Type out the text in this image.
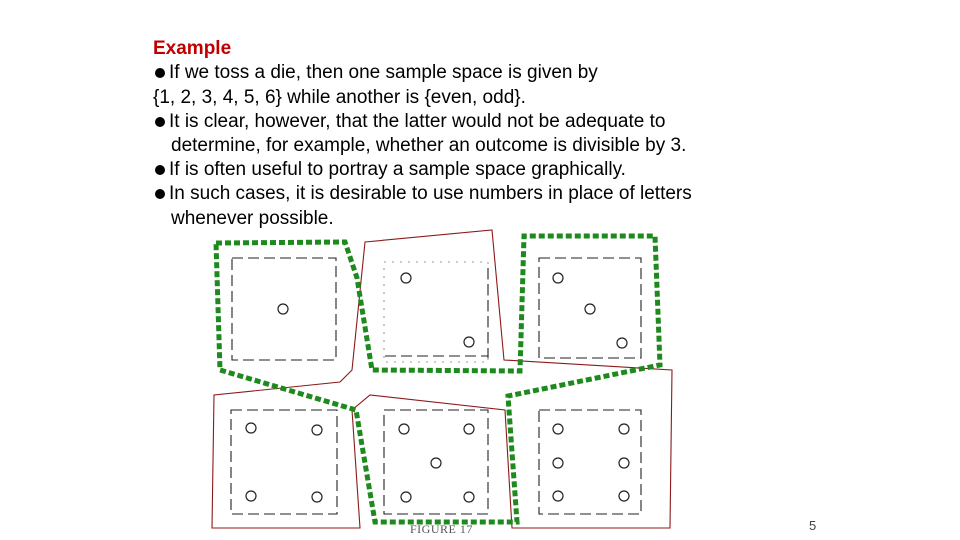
Example
If we toss a die, then one sample space is given by
{1, 2, 3, 4, 5, 6} while another is {even, odd}.
It is clear, however, that the latter would not be adequate to
determine, for example, whether an outcome is divisible by 3.
If is often useful to portray a sample space graphically.
In such cases, it is desirable to use numbers in place of letters
whenever possible.
FIGURE 17	5
